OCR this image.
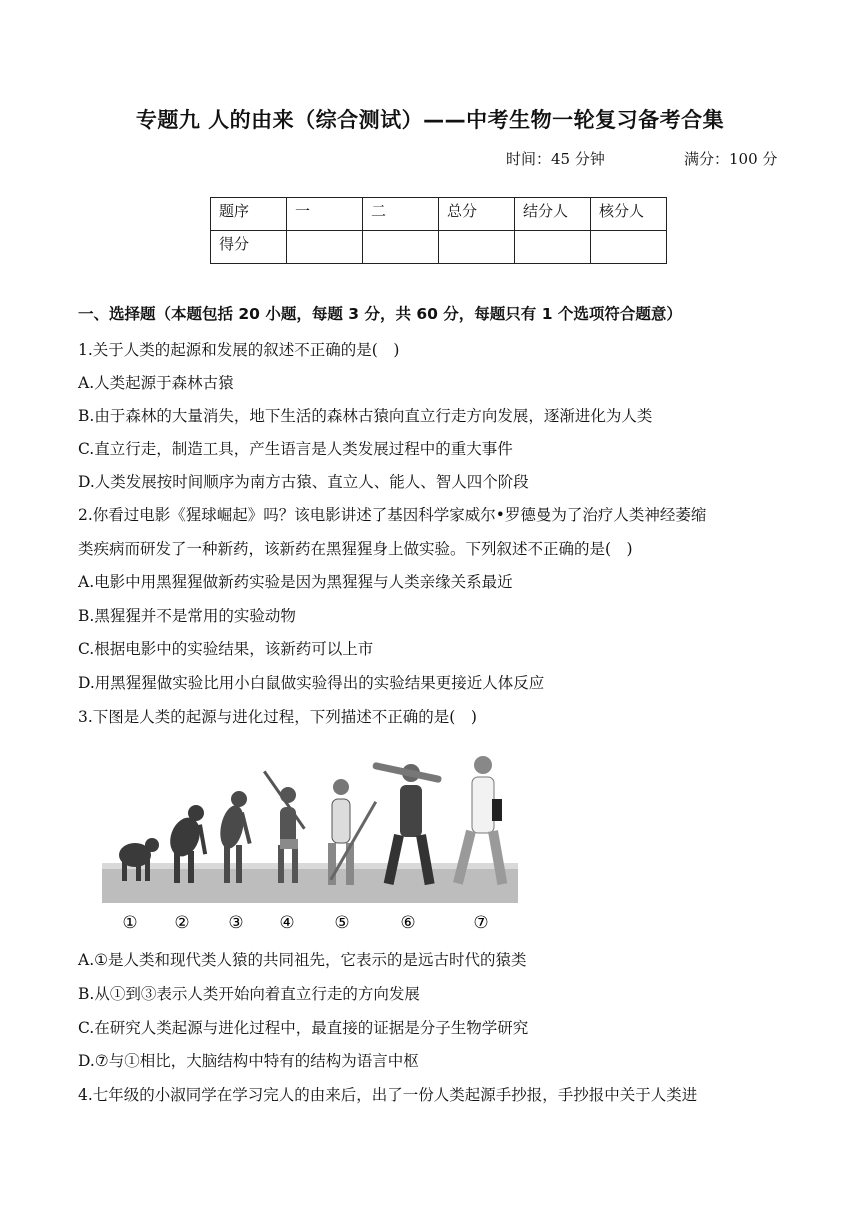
专题九 人的由来（综合测试）——中考生物一轮复习备考合集
时间：45 分钟	满分：100 分
题序	一	二	总分	结分人	核分人
得分					
一、选择题（本题包括 20 小题，每题 3 分，共 60 分，每题只有 1 个选项符合题意）
1.关于人类的起源和发展的叙述不正确的是(　)
A.人类起源于森林古猿
B.由于森林的大量消失，地下生活的森林古猿向直立行走方向发展，逐渐进化为人类
C.直立行走，制造工具，产生语言是人类发展过程中的重大事件
D.人类发展按时间顺序为南方古猿、直立人、能人、智人四个阶段
2.你看过电影《猩球崛起》吗？该电影讲述了基因科学家威尔•罗德曼为了治疗人类神经萎缩
类疾病而研发了一种新药，该新药在黑猩猩身上做实验。下列叙述不正确的是(　)
A.电影中用黑猩猩做新药实验是因为黑猩猩与人类亲缘关系最近
B.黑猩猩并不是常用的实验动物
C.根据电影中的实验结果，该新药可以上市
D.用黑猩猩做实验比用小白鼠做实验得出的实验结果更接近人体反应
3.下图是人类的起源与进化过程，下列描述不正确的是(　)
① ② ③ ④ ⑤	⑥	⑦
A.①是人类和现代类人猿的共同祖先，它表示的是远古时代的猿类
B.从①到③表示人类开始向着直立行走的方向发展
C.在研究人类起源与进化过程中，最直接的证据是分子生物学研究
D.⑦与①相比，大脑结构中特有的结构为语言中枢
4.七年级的小淑同学在学习完人的由来后，出了一份人类起源手抄报，手抄报中关于人类进
